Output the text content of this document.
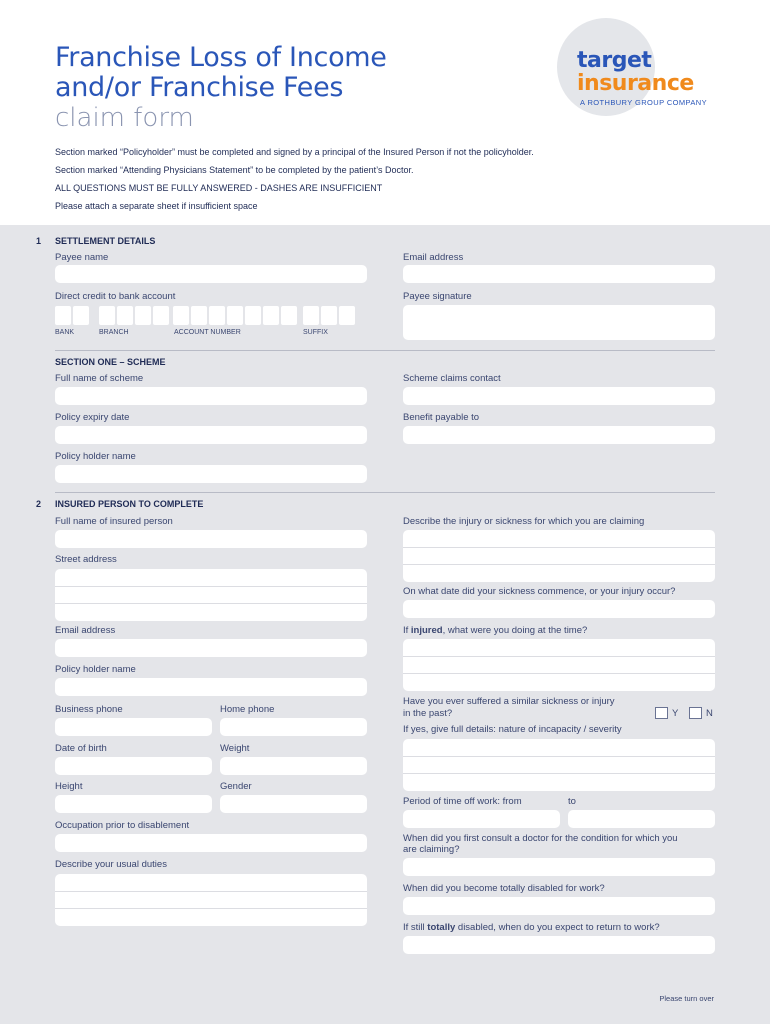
Franchise Loss of Income
and/or Franchise Fees
claim form
target
insurance
A ROTHBURY GROUP COMPANY
Section marked “Policyholder” must be completed and signed by a principal of the Insured Person if not the policyholder.
Section marked “Attending Physicians Statement” to be completed by the patient’s Doctor.
ALL QUESTIONS MUST BE FULLY ANSWERED - DASHES ARE INSUFFICIENT
Please attach a separate sheet if insufficient space
1 SETTLEMENT DETAILS
Payee name	Email address
Direct credit to bank account
BANK	BRANCH	ACCOUNT NUMBER	SUFFIX
Payee signature
SECTION ONE – SCHEME
Full name of scheme	Scheme claims contact
Policy expiry date	Benefit payable to
Policy holder name
2 INSURED PERSON TO COMPLETE
Full name of insured person
Street address
Email address
Policy holder name
Business phone	Home phone
Date of birth	Weight
Height	Gender
Occupation prior to disablement
Describe your usual duties
Describe the injury or sickness for which you are claiming
On what date did your sickness commence, or your injury occur?
If injured, what were you doing at the time?
Have you ever suffered a similar sickness or injury
in the past?	Y	N
If yes, give full details: nature of incapacity / severity
Period of time off work: from	to
When did you first consult a doctor for the condition for which you
are claiming?
When did you become totally disabled for work?
If still totally disabled, when do you expect to return to work?
Please turn over
